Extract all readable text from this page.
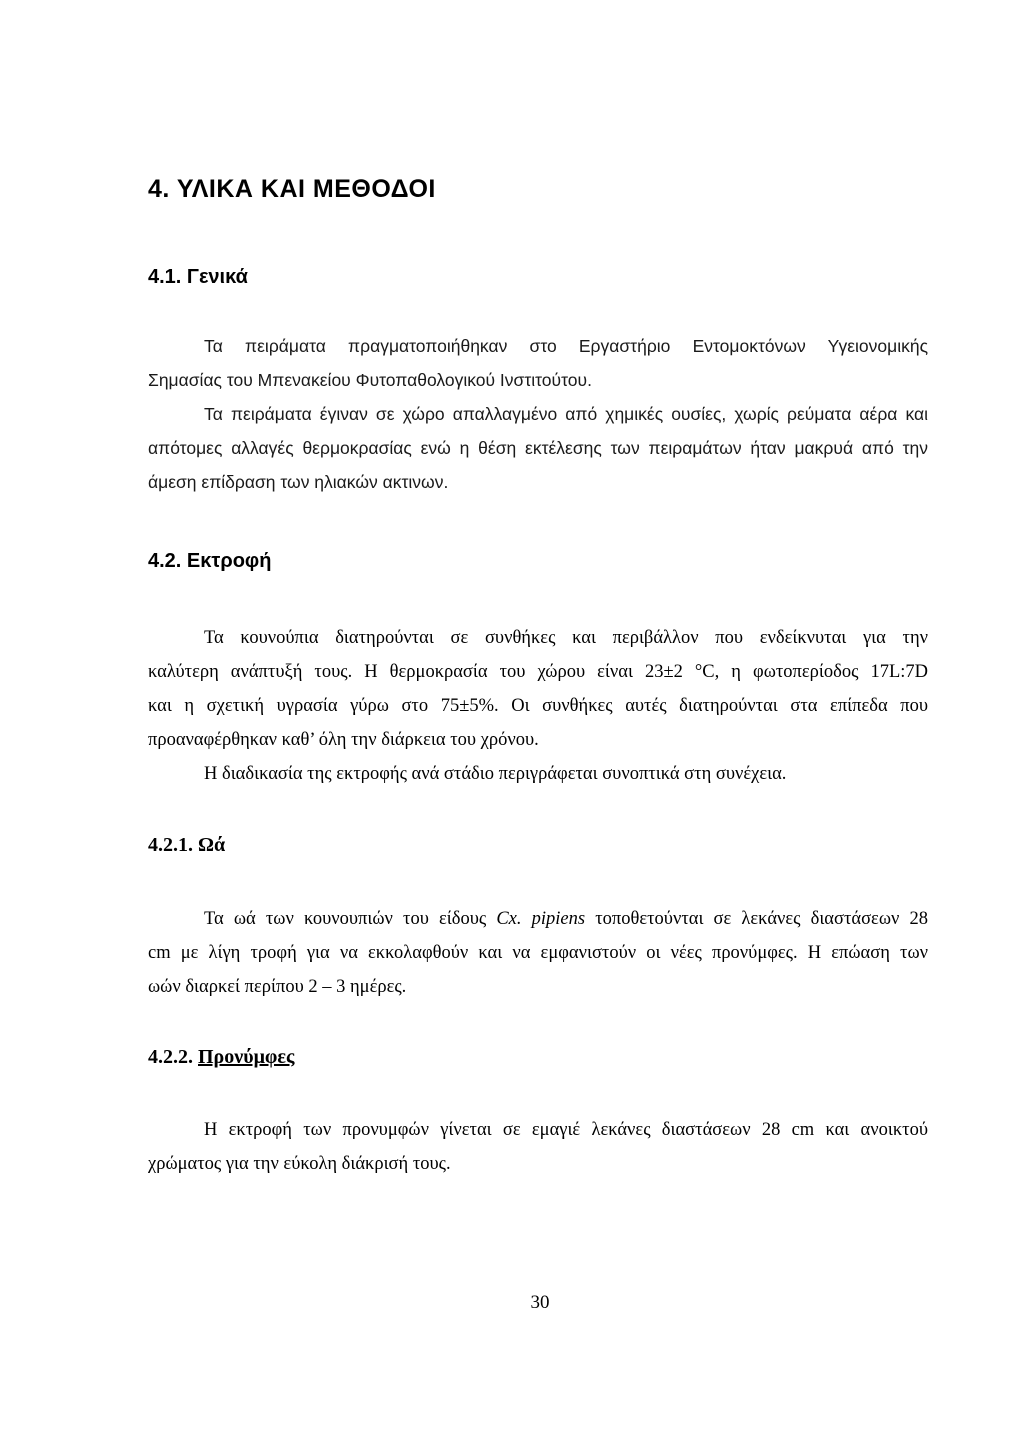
4. ΥΛΙΚΑ ΚΑΙ ΜΕΘΟΔΟΙ
4.1. Γενικά
Τα πειράματα πραγματοποιήθηκαν στο Εργαστήριο Εντομοκτόνων Υγειονομικής
Σημασίας του Μπενακείου Φυτοπαθολογικού Ινστιτούτου.
Τα πειράματα έγιναν σε χώρο απαλλαγμένο από χημικές ουσίες, χωρίς ρεύματα αέρα και
απότομες αλλαγές θερμοκρασίας ενώ η θέση εκτέλεσης των πειραμάτων ήταν μακρυά από την
άμεση επίδραση των ηλιακών ακτινων.
4.2. Εκτροφή
Τα κουνούπια διατηρούνται σε συνθήκες και περιβάλλον που ενδείκνυται για την
καλύτερη ανάπτυξή τους. Η θερμοκρασία του χώρου είναι 23±2 °C, η φωτοπερίοδος 17L:7D
και η σχετική υγρασία γύρω στο 75±5%. Οι συνθήκες αυτές διατηρούνται στα επίπεδα που
προαναφέρθηκαν καθ’ όλη την διάρκεια του χρόνου.
Η διαδικασία της εκτροφής ανά στάδιο περιγράφεται συνοπτικά στη συνέχεια.
4.2.1. Ωά
Τα ωά των κουνουπιών του είδους Cx. pipiens τοποθετούνται σε λεκάνες διαστάσεων 28
cm με λίγη τροφή για να εκκολαφθούν και να εμφανιστούν οι νέες προνύμφες. Η επώαση των
ωών διαρκεί περίπου 2 – 3 ημέρες.
4.2.2. Προνύμφες
Η εκτροφή των προνυμφών γίνεται σε εμαγιέ λεκάνες διαστάσεων 28 cm και ανοικτού
χρώματος για την εύκολη διάκρισή τους.
30
